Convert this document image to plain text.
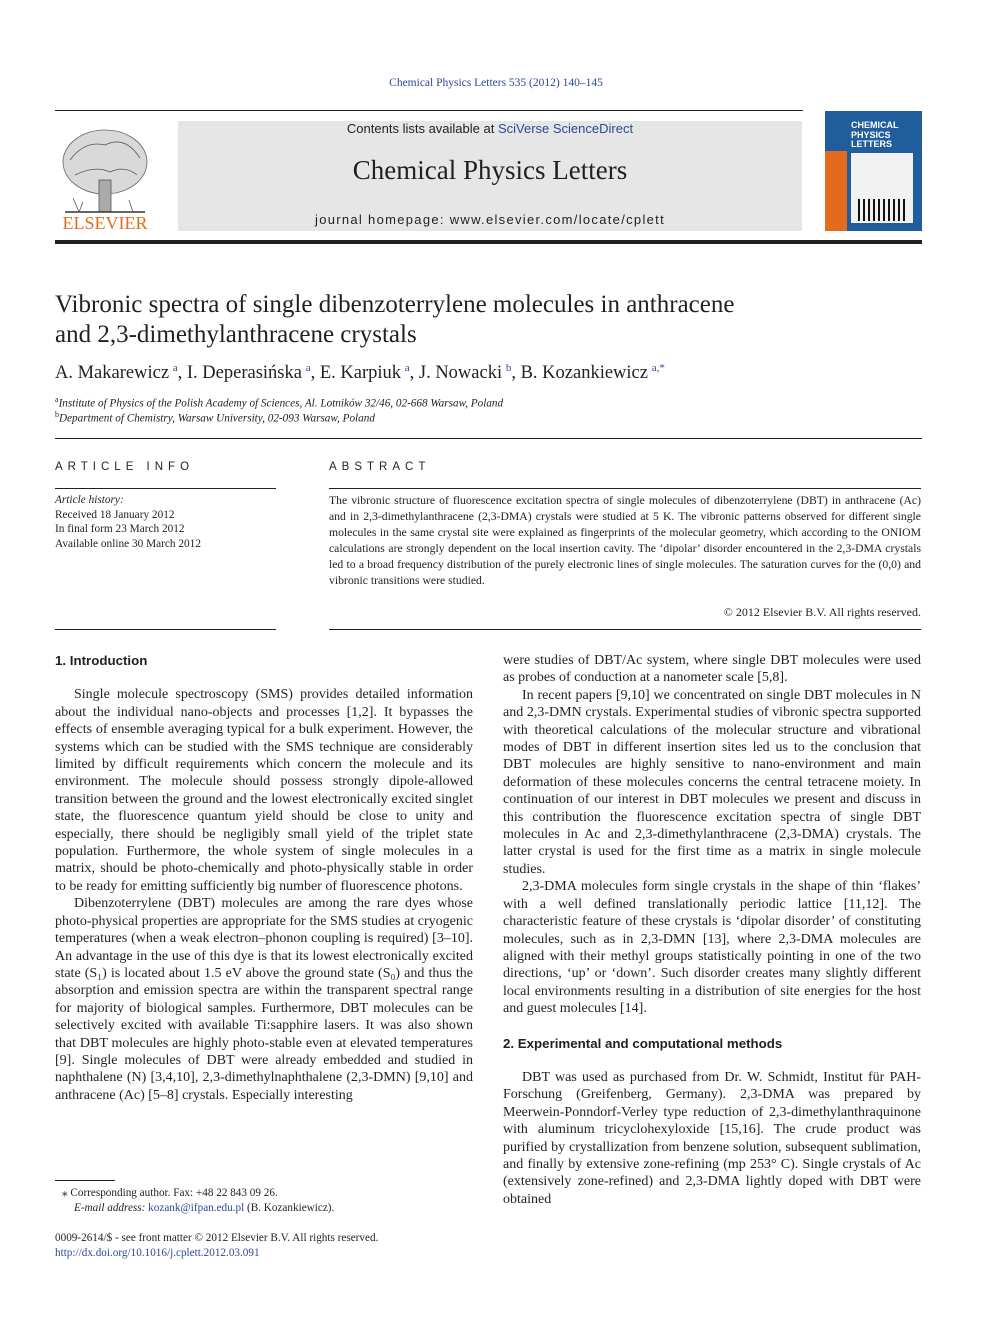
Chemical Physics Letters 535 (2012) 140–145
ELSEVIER
Contents lists available at SciVerse ScienceDirect
Chemical Physics Letters
journal homepage: www.elsevier.com/locate/cplett
CHEMICAL PHYSICS LETTERS
Vibronic spectra of single dibenzoterrylene molecules in anthracene
and 2,3-dimethylanthracene crystals
A. Makarewicz  $^a$, I. Deperasińska  $^a$, E. Karpiuk  $^a$, J. Nowacki  $^b$, B. Kozankiewicz  $^{a,*}$
$^a$Institute of Physics of the Polish Academy of Sciences, Al. Lotników 32/46, 02-668 Warsaw, Poland
$^b$Department of Chemistry, Warsaw University, 02-093 Warsaw, Poland
ARTICLE INFO
Article history:
Received 18 January 2012
In final form 23 March 2012
Available online 30 March 2012
ABSTRACT
The vibronic structure of fluorescence excitation spectra of single molecules of dibenzoterrylene (DBT) in anthracene (Ac) and in 2,3-dimethylanthracene (2,3-DMA) crystals were studied at 5 K. The vibronic patterns observed for different single molecules in the same crystal site were explained as fingerprints of the molecular geometry, which according to the ONIOM calculations are strongly dependent on the local insertion cavity. The ‘dipolar’ disorder encountered in the 2,3-DMA crystals led to a broad frequency distribution of the purely electronic lines of single molecules. The saturation curves for the (0,0) and vibronic transitions were studied.
© 2012 Elsevier B.V. All rights reserved.
1. Introduction

Single molecule spectroscopy (SMS) provides detailed information about the individual nano-objects and processes [1,2]. It bypasses the effects of ensemble averaging typical for a bulk experiment. However, the systems which can be studied with the SMS technique are considerably limited by difficult requirements which concern the molecule and its environment. The molecule should possess strongly dipole-allowed transition between the ground and the lowest electronically excited singlet state, the fluorescence quantum yield should be close to unity and especially, there should be negligibly small yield of the triplet state population. Furthermore, the whole system of single molecules in a matrix, should be photo-chemically and photo-physically stable in order to be ready for emitting sufficiently big number of fluorescence photons.

Dibenzoterrylene (DBT) molecules are among the rare dyes whose photo-physical properties are appropriate for the SMS studies at cryogenic temperatures (when a weak electron–phonon coupling is required) [3–10]. An advantage in the use of this dye is that its lowest electronically excited state (S₁) is located about 1.5 eV above the ground state (S₀) and thus the absorption and emission spectra are within the transparent spectral range for majority of biological samples. Furthermore, DBT molecules can be selectively excited with available Ti:sapphire lasers. It was also shown that DBT molecules are highly photo-stable even at elevated temperatures [9]. Single molecules of DBT were already embedded and studied in naphthalene (N) [3,4,10], 2,3-dimethylnaphthalene (2,3-DMN) [9,10] and anthracene (Ac) [5–8] crystals. Especially interesting

were studies of DBT/Ac system, where single DBT molecules were used as probes of conduction at a nanometer scale [5,8].

In recent papers [9,10] we concentrated on single DBT molecules in N and 2,3-DMN crystals. Experimental studies of vibronic spectra supported with theoretical calculations of the molecular structure and vibrational modes of DBT in different insertion sites led us to the conclusion that DBT molecules are highly sensitive to nano-environment and main deformation of these molecules concerns the central tetracene moiety. In continuation of our interest in DBT molecules we present and discuss in this contribution the fluorescence excitation spectra of single DBT molecules in Ac and 2,3-dimethylanthracene (2,3-DMA) crystals. The latter crystal is used for the first time as a matrix in single molecule studies.

2,3-DMA molecules form single crystals in the shape of thin ‘flakes’ with a well defined translationally periodic lattice [11,12]. The characteristic feature of these crystals is ‘dipolar disorder’ of constituting molecules, such as in 2,3-DMN [13], where 2,3-DMA molecules are aligned with their methyl groups statistically pointing in one of the two directions, ‘up’ or ‘down’. Such disorder creates many slightly different local environments resulting in a distribution of site energies for the host and guest molecules [14].

2. Experimental and computational methods

DBT was used as purchased from Dr. W. Schmidt, Institut für PAH-Forschung (Greifenberg, Germany). 2,3-DMA was prepared by Meerwein-Ponndorf-Verley type reduction of 2,3-dimethylanthraquinone with aluminum tricyclohexyloxide [15,16]. The crude product was purified by crystallization from benzene solution, subsequent sublimation, and finally by extensive zone-refining (mp 253° C). Single crystals of Ac (extensively zone-refined) and 2,3-DMA lightly doped with DBT were obtained

⁎ Corresponding author. Fax: +48 22 843 09 26.
E-mail address: kozank@ifpan.edu.pl (B. Kozankiewicz).
0009-2614/$ - see front matter © 2012 Elsevier B.V. All rights reserved.
http://dx.doi.org/10.1016/j.cplett.2012.03.091
